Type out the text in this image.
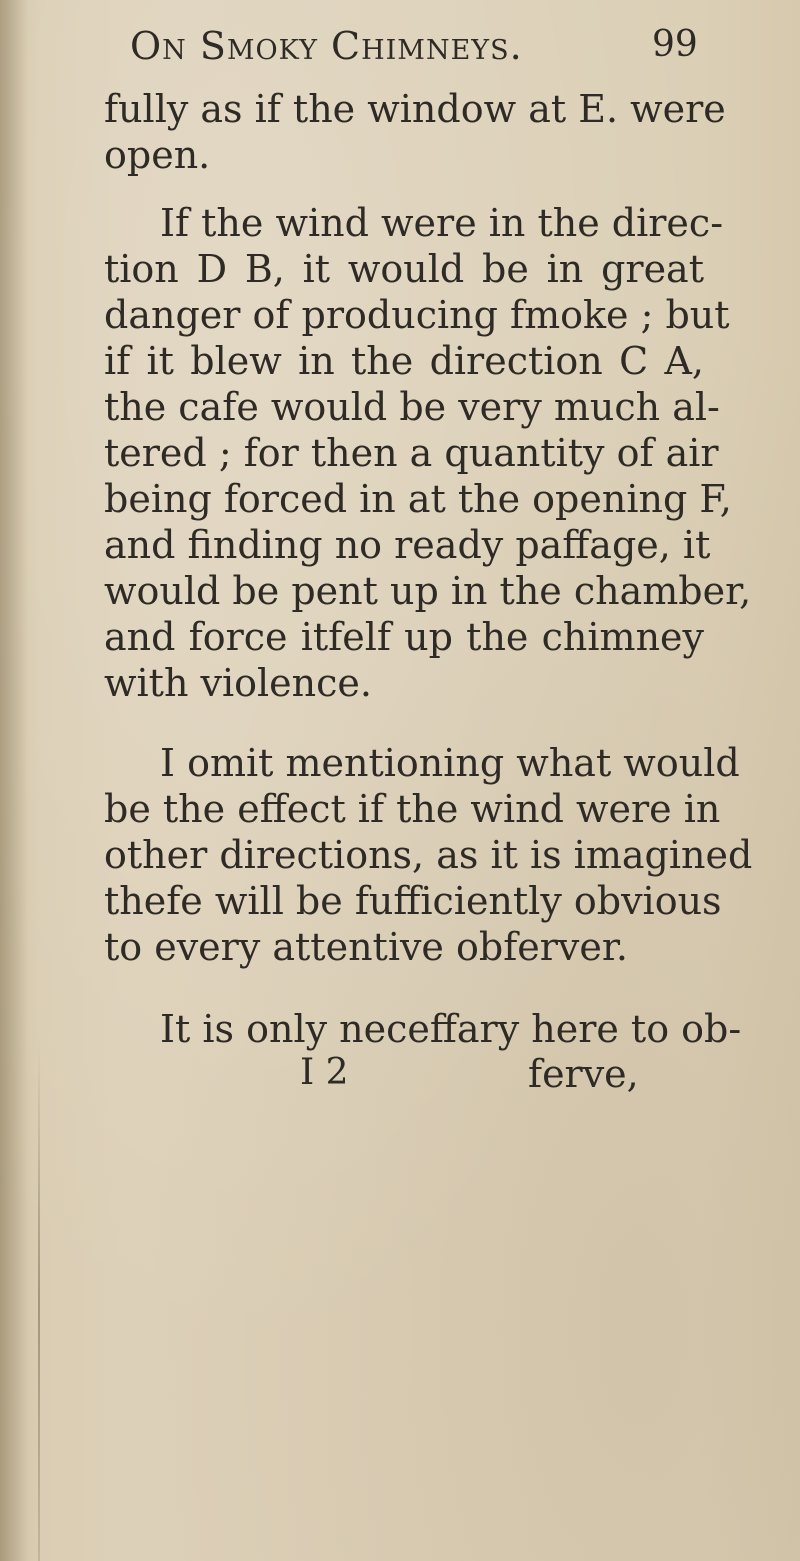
On Smoky Chimneys.	99
fully as if the window at E. were
open.
If the wind were in the direc-
tion D B, it would be in great
danger of producing fmoke ; but
if it blew in the direction C A,
the cafe would be very much al-
tered ; for then a quantity of air
being forced in at the opening F,
and finding no ready paffage, it
would be pent up in the chamber,
and force itfelf up the chimney
with violence.
I omit mentioning what would
be the effect if the wind were in
other directions, as it is imagined
thefe will be fufficiently obvious
to every attentive obferver.
It is only neceffary here to ob-
I 2	ferve,
